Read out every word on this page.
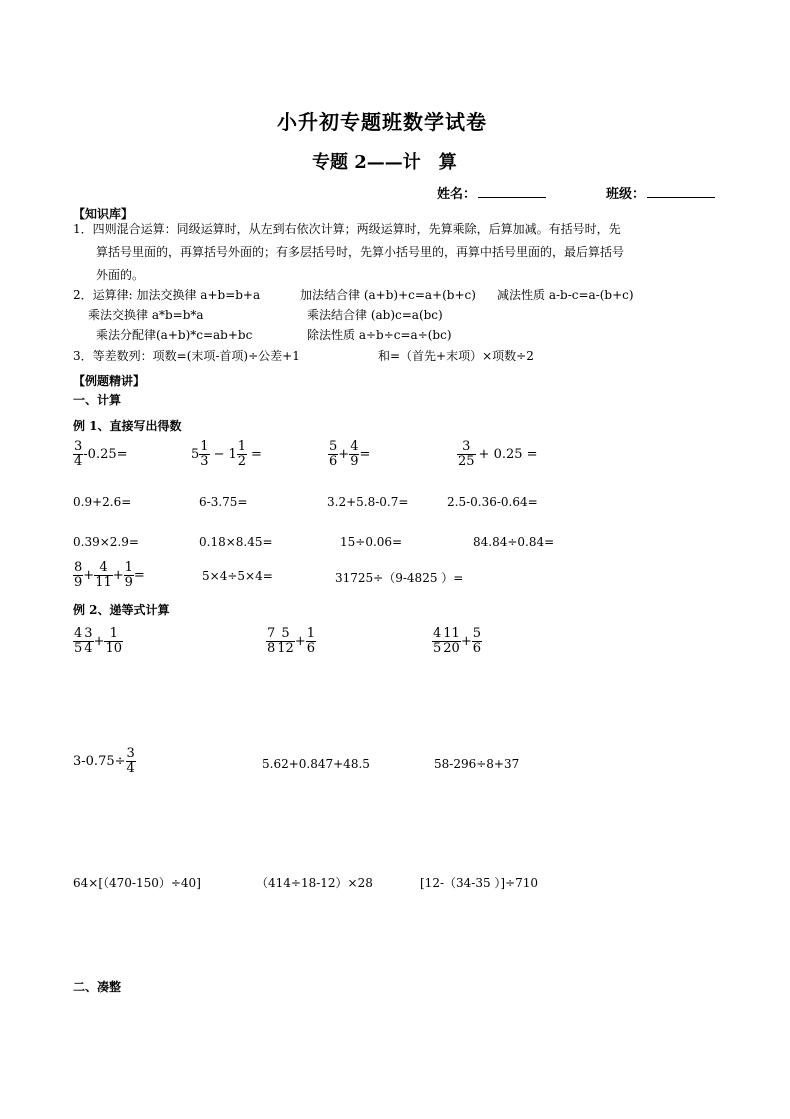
小升初专题班数学试卷
专题 2——计　算
姓名：	班级：
【知识库】
1．四则混合运算：同级运算时，从左到右依次计算；两级运算时，先算乘除，后算加减。有括号时，先
算括号里面的，再算括号外面的；有多层括号时，先算小括号里的，再算中括号里面的，最后算括号
外面的。
2．运算律: 加法交换律 a+b=b+a	加法结合律 (a+b)+c=a+(b+c) 减法性质 a-b-c=a-(b+c)
乘法交换律 a*b=b*a	乘法结合律 (ab)c=a(bc)
乘法分配律(a+b)*c=ab+bc	除法性质 a÷b÷c=a÷(bc)
3．等差数列：项数=(末项-首项)÷公差+1	和=（首先+末项）×项数÷2
【例题精讲】
一、计算
例 1、直接写出得数
$\frac{3}{4} -0.25=$	$5 \frac{1}{3} - 1 \frac{1}{2}$ =	$\frac{5}{6} + \frac{4}{9}$ =	$\frac{3}{25} + 0.25$ =
0.9+2.6=	6-3.75=	3.2+5.8-0.7=	2.5-0.36-0.64=
0.39×2.9=	0.18×8.45=	15÷0.06=	84.84÷0.84=
$\frac{8}{9} + \frac{4}{11} + \frac{1}{9}$ =	5×4÷5×4=	31725÷（9-4825 ）=
例 2、递等式计算
$\frac{4}{5} \frac{3}{4} + \frac{1}{10}$	$\frac{7}{8} \frac{5}{12} + \frac{1}{6}$	$\frac{4}{5} \frac{11}{20} + \frac{5}{6}$
$3-0.75\div \frac{3}{4}$	5.62+0.847+48.5	58-296÷8+37
64×[（470-150）÷40]	（414÷18-12）×28	[12-（34-35 ）]÷710
二、凑整
